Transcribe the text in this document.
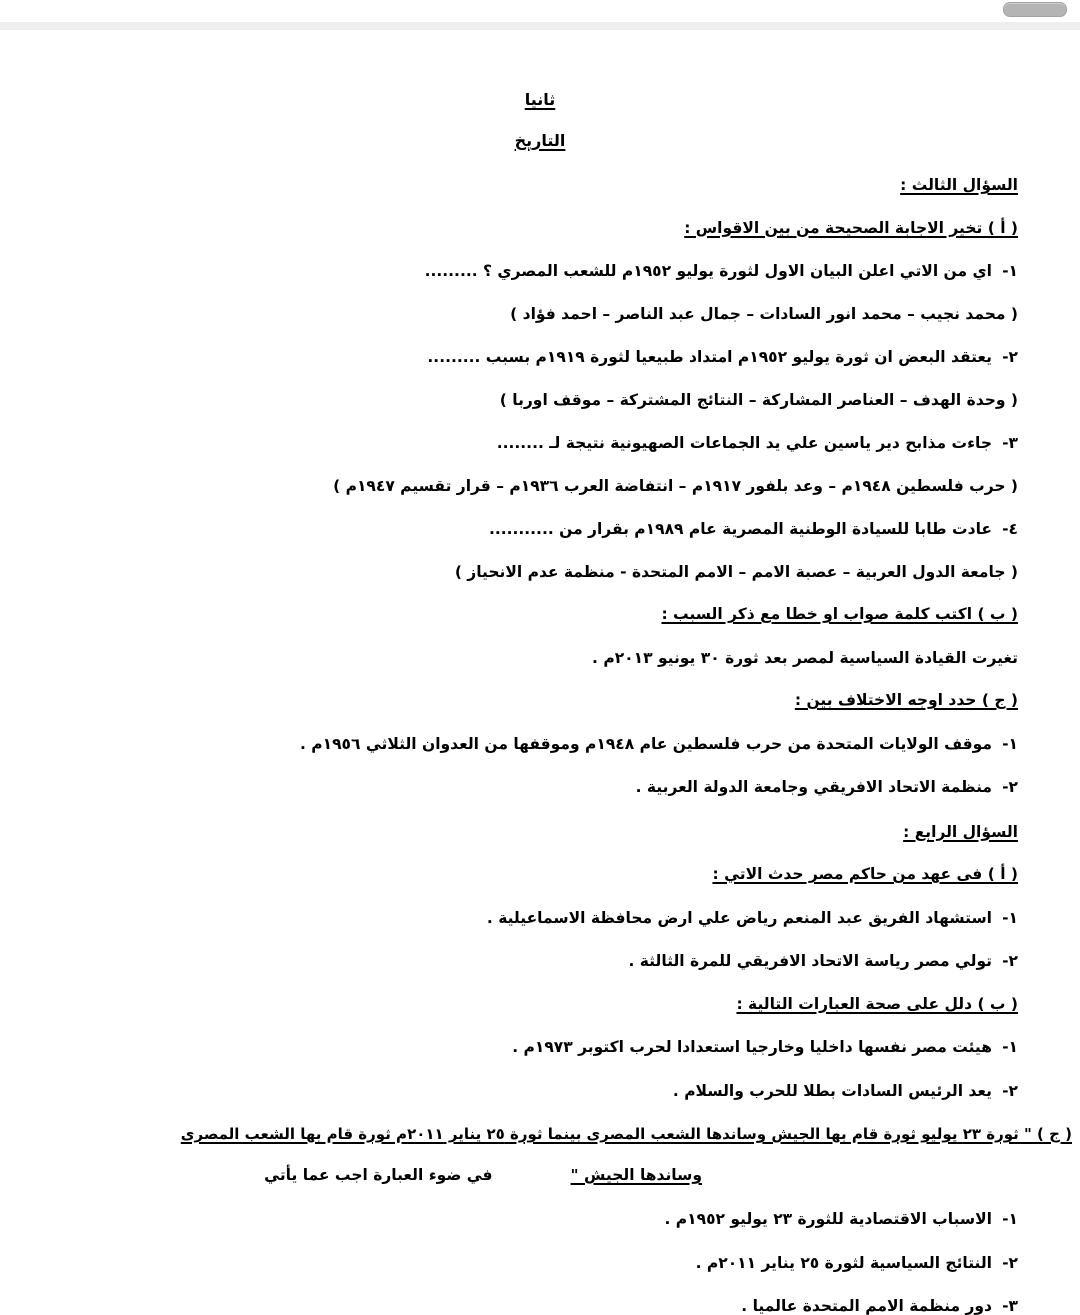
ثانيا
التاريخ
السؤال الثالث :
( أ ) تخير الاجابة الصحيحة من بين الاقواس :
١-اي من الاتي اعلن البيان الاول لثورة يوليو ١٩٥٢م للشعب المصري ؟ .........
( محمد نجيب – محمد انور السادات – جمال عبد الناصر – احمد فؤاد )
٢-يعتقد البعض ان ثورة يوليو ١٩٥٢م امتداد طبيعيا لثورة ١٩١٩م بسبب .........
( وحدة الهدف – العناصر المشاركة – النتائج المشتركة – موقف اوربا )
٣-جاءت مذابح دير ياسين علي يد الجماعات الصهيونية نتيجة لـ ........
( حرب فلسطين ١٩٤٨م – وعد بلفور ١٩١٧م – انتفاضة العرب ١٩٣٦م – قرار تقسيم ١٩٤٧م )
٤-عادت طابا للسيادة الوطنية المصرية عام ١٩٨٩م بقرار من ...........
( جامعة الدول العربية – عصبة الامم – الامم المتحدة - منظمة عدم الانحياز )
( ب ) اكتب كلمة صواب او خطا مع ذكر السبب :
تغيرت القيادة السياسية لمصر بعد ثورة ٣٠ يونيو ٢٠١٣م .
( ج ) حدد اوجه الاختلاف بين :
١-موقف الولايات المتحدة من حرب فلسطين عام ١٩٤٨م وموقفها من العدوان الثلاثي ١٩٥٦م .
٢-منظمة الاتحاد الافريقي وجامعة الدولة العربية .
السؤال الرابع :
( أ ) فى عهد من حاكم مصر حدث الاتي :
١-استشهاد الفريق عبد المنعم رياض علي ارض محافظة الاسماعيلية .
٢-تولي مصر رياسة الاتحاد الافريقي للمرة الثالثة .
( ب ) دلل على صحة العبارات التالية :
١-هيئت مصر نفسها داخليا وخارجيا استعدادا لحرب اكتوبر ١٩٧٣م .
٢-يعد الرئيس السادات بطلا للحرب والسلام .
( ج ) " ثورة ٢٣ يوليو ثورة قام بها الجيش وساندها الشعب المصرى بينما ثورة ٢٥ يناير ٢٠١١م ثورة قام بها الشعب المصرى
وساندها الجيش "
في ضوء العبارة اجب عما يأتي
١-الاسباب الاقتصادية للثورة ٢٣ يوليو ١٩٥٢م .
٢-النتائج السياسية لثورة ٢٥ يناير ٢٠١١م .
٣-دور منظمة الامم المتحدة عالميا .
